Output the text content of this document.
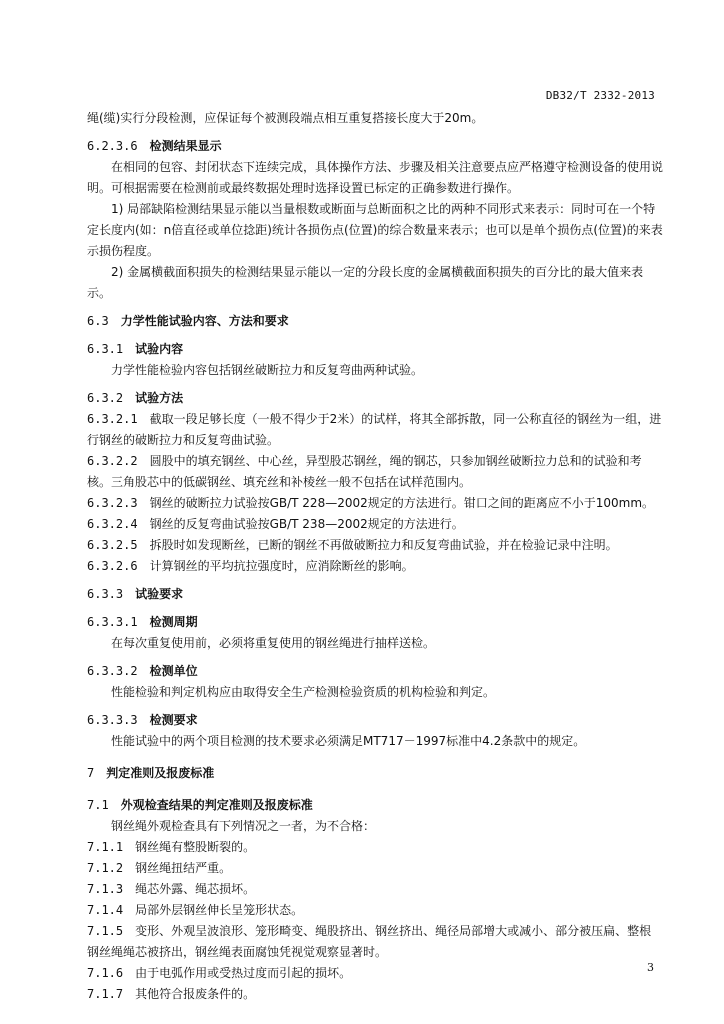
DB32/T 2332-2013

绳(缆)实行分段检测，应保证每个被测段端点相互重复搭接长度大于20m。

6.2.3.6 检测结果显示

在相同的包容、封闭状态下连续完成，具体操作方法、步骤及相关注意要点应严格遵守检测设备的使用说明。可根据需要在检测前或最终数据处理时选择设置已标定的正确参数进行操作。

1) 局部缺陷检测结果显示能以当量根数或断面与总断面积之比的两种不同形式来表示：同时可在一个特定长度内(如：n倍直径或单位捻距)统计各损伤点(位置)的综合数量来表示；也可以是单个损伤点(位置)的来表示损伤程度。

2) 金属横截面积损失的检测结果显示能以一定的分段长度的金属横截面积损失的百分比的最大值来表示。

6.3 力学性能试验内容、方法和要求

6.3.1 试验内容

力学性能检验内容包括钢丝破断拉力和反复弯曲两种试验。

6.3.2 试验方法

6.3.2.1 截取一段足够长度（一般不得少于2米）的试样，将其全部拆散，同一公称直径的钢丝为一组，进行钢丝的破断拉力和反复弯曲试验。

6.3.2.2 圆股中的填充钢丝、中心丝，异型股芯钢丝，绳的钢芯，只参加钢丝破断拉力总和的试验和考核。三角股芯中的低碳钢丝、填充丝和补棱丝一般不包括在试样范围内。

6.3.2.3 钢丝的破断拉力试验按GB/T 228—2002规定的方法进行。钳口之间的距离应不小于100mm。

6.3.2.4 钢丝的反复弯曲试验按GB/T 238—2002规定的方法进行。

6.3.2.5 拆股时如发现断丝，已断的钢丝不再做破断拉力和反复弯曲试验，并在检验记录中注明。

6.3.2.6 计算钢丝的平均抗拉强度时，应消除断丝的影响。

6.3.3 试验要求

6.3.3.1 检测周期

在每次重复使用前，必须将重复使用的钢丝绳进行抽样送检。

6.3.3.2 检测单位

性能检验和判定机构应由取得安全生产检测检验资质的机构检验和判定。

6.3.3.3 检测要求

性能试验中的两个项目检测的技术要求必须满足MT717－1997标准中4.2条款中的规定。

7 判定准则及报废标准

7.1 外观检查结果的判定准则及报废标准

钢丝绳外观检查具有下列情况之一者，为不合格：

7.1.1 钢丝绳有整股断裂的。

7.1.2 钢丝绳扭结严重。

7.1.3 绳芯外露、绳芯损坏。

7.1.4 局部外层钢丝伸长呈笼形状态。

7.1.5 变形、外观呈波浪形、笼形畸变、绳股挤出、钢丝挤出、绳径局部增大或减小、部分被压扁、整根钢丝绳绳芯被挤出，钢丝绳表面腐蚀凭视觉观察显著时。

7.1.6 由于电弧作用或受热过度而引起的损坏。

7.1.7 其他符合报废条件的。

3
